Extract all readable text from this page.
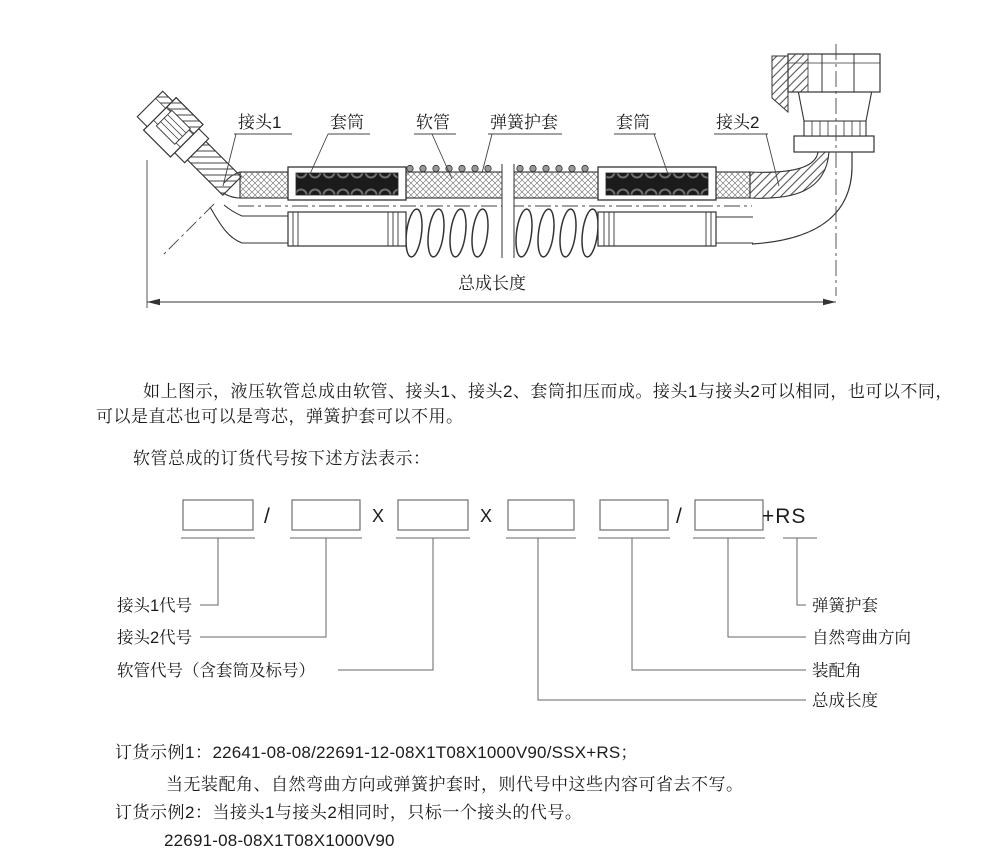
接头1	套筒	软管 弹簧护套	套筒	接头2
总成长度
如上图示，液压软管总成由软管、接头1、接头2、套筒扣压而成。接头1与接头2可以相同，也可以不同，
可以是直芯也可以是弯芯，弹簧护套可以不用。
软管总成的订货代号按下述方法表示：
/	X	X	/	+RS
接头1代号
接头2代号
软管代号（含套筒及标号）
弹簧护套
自然弯曲方向
装配角
总成长度
订货示例1：22641-08-08/22691-12-08X1T08X1000V90/SSX+RS；
当无装配角、自然弯曲方向或弹簧护套时，则代号中这些内容可省去不写。
订货示例2：当接头1与接头2相同时，只标一个接头的代号。
22691-08-08X1T08X1000V90
